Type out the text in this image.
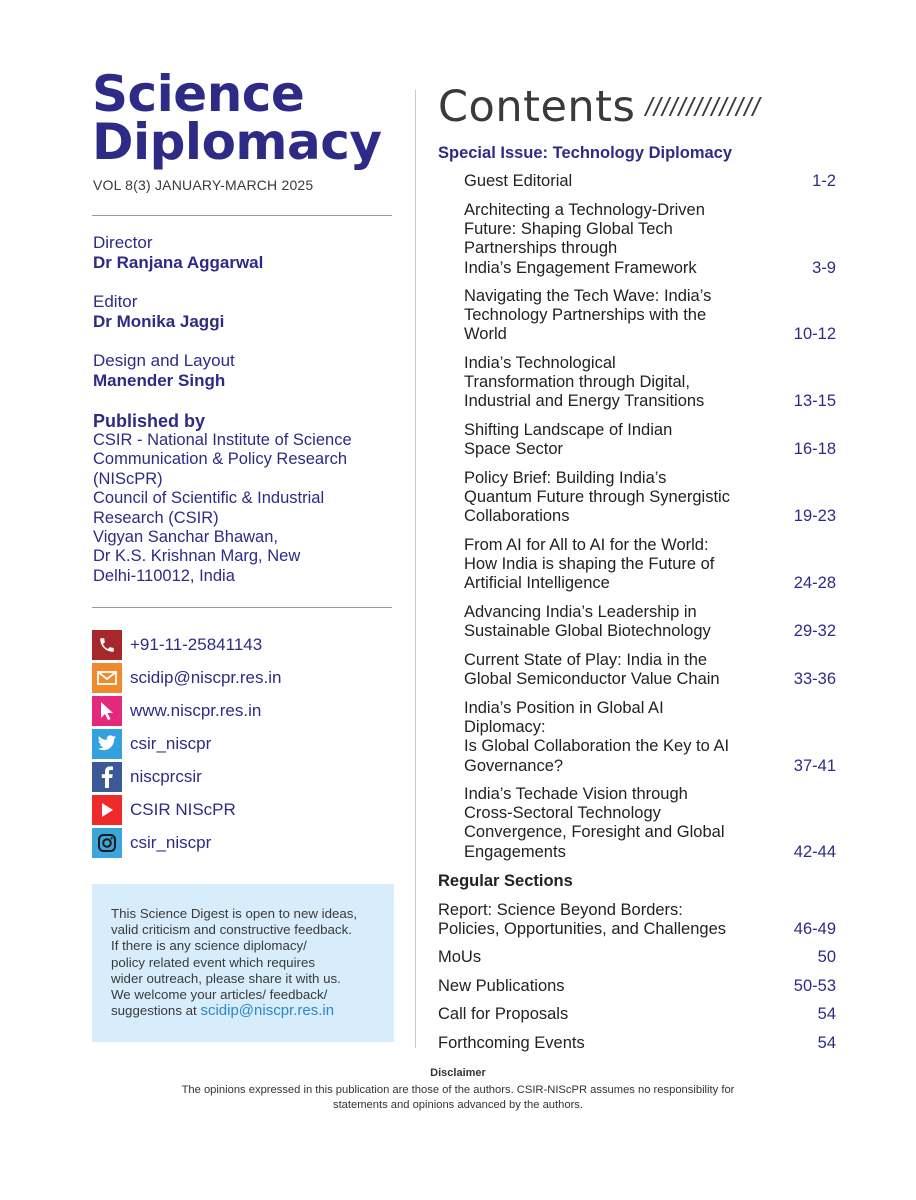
Science
Diplomacy
VOL 8(3) JANUARY-MARCH 2025
Director
Dr Ranjana Aggarwal
Editor
Dr Monika Jaggi
Design and Layout
Manender Singh
Published by
CSIR - National Institute of Science
Communication & Policy Research
(NIScPR)
Council of Scientific & Industrial
Research (CSIR)
Vigyan Sanchar Bhawan,
Dr K.S. Krishnan Marg, New
Delhi-110012, India
+91-11-25841143
scidip@niscpr.res.in
www.niscpr.res.in
csir_niscpr
niscprcsir
CSIR NIScPR
csir_niscpr
This Science Digest is open to new ideas,
valid criticism and constructive feedback.
If there is any science diplomacy/
policy related event which requires
wider outreach, please share it with us.
We welcome your articles/ feedback/
suggestions at scidip@niscpr.res.in
Contents //////////////
Special Issue: Technology Diplomacy
Guest Editorial	1-2
Architecting a Technology-Driven
Future: Shaping Global Tech
Partnerships through
India’s Engagement Framework	3-9
Navigating the Tech Wave: India’s
Technology Partnerships with the
World	10-12
India’s Technological
Transformation through Digital,
Industrial and Energy Transitions	13-15
Shifting Landscape of Indian
Space Sector	16-18
Policy Brief: Building India’s
Quantum Future through Synergistic
Collaborations	19-23
From AI for All to AI for the World:
How India is shaping the Future of
Artificial Intelligence	24-28
Advancing India’s Leadership in
Sustainable Global Biotechnology	29-32
Current State of Play: India in the
Global Semiconductor Value Chain	33-36
India’s Position in Global AI
Diplomacy:
Is Global Collaboration the Key to AI
Governance?	37-41
India’s Techade Vision through
Cross-Sectoral Technology
Convergence, Foresight and Global
Engagements	42-44
Regular Sections
Report: Science Beyond Borders:
Policies, Opportunities, and Challenges	46-49
MoUs	50
New Publications	50-53
Call for Proposals	54
Forthcoming Events	54
Disclaimer
The opinions expressed in this publication are those of the authors. CSIR-NIScPR assumes no responsibility for
statements and opinions advanced by the authors.
